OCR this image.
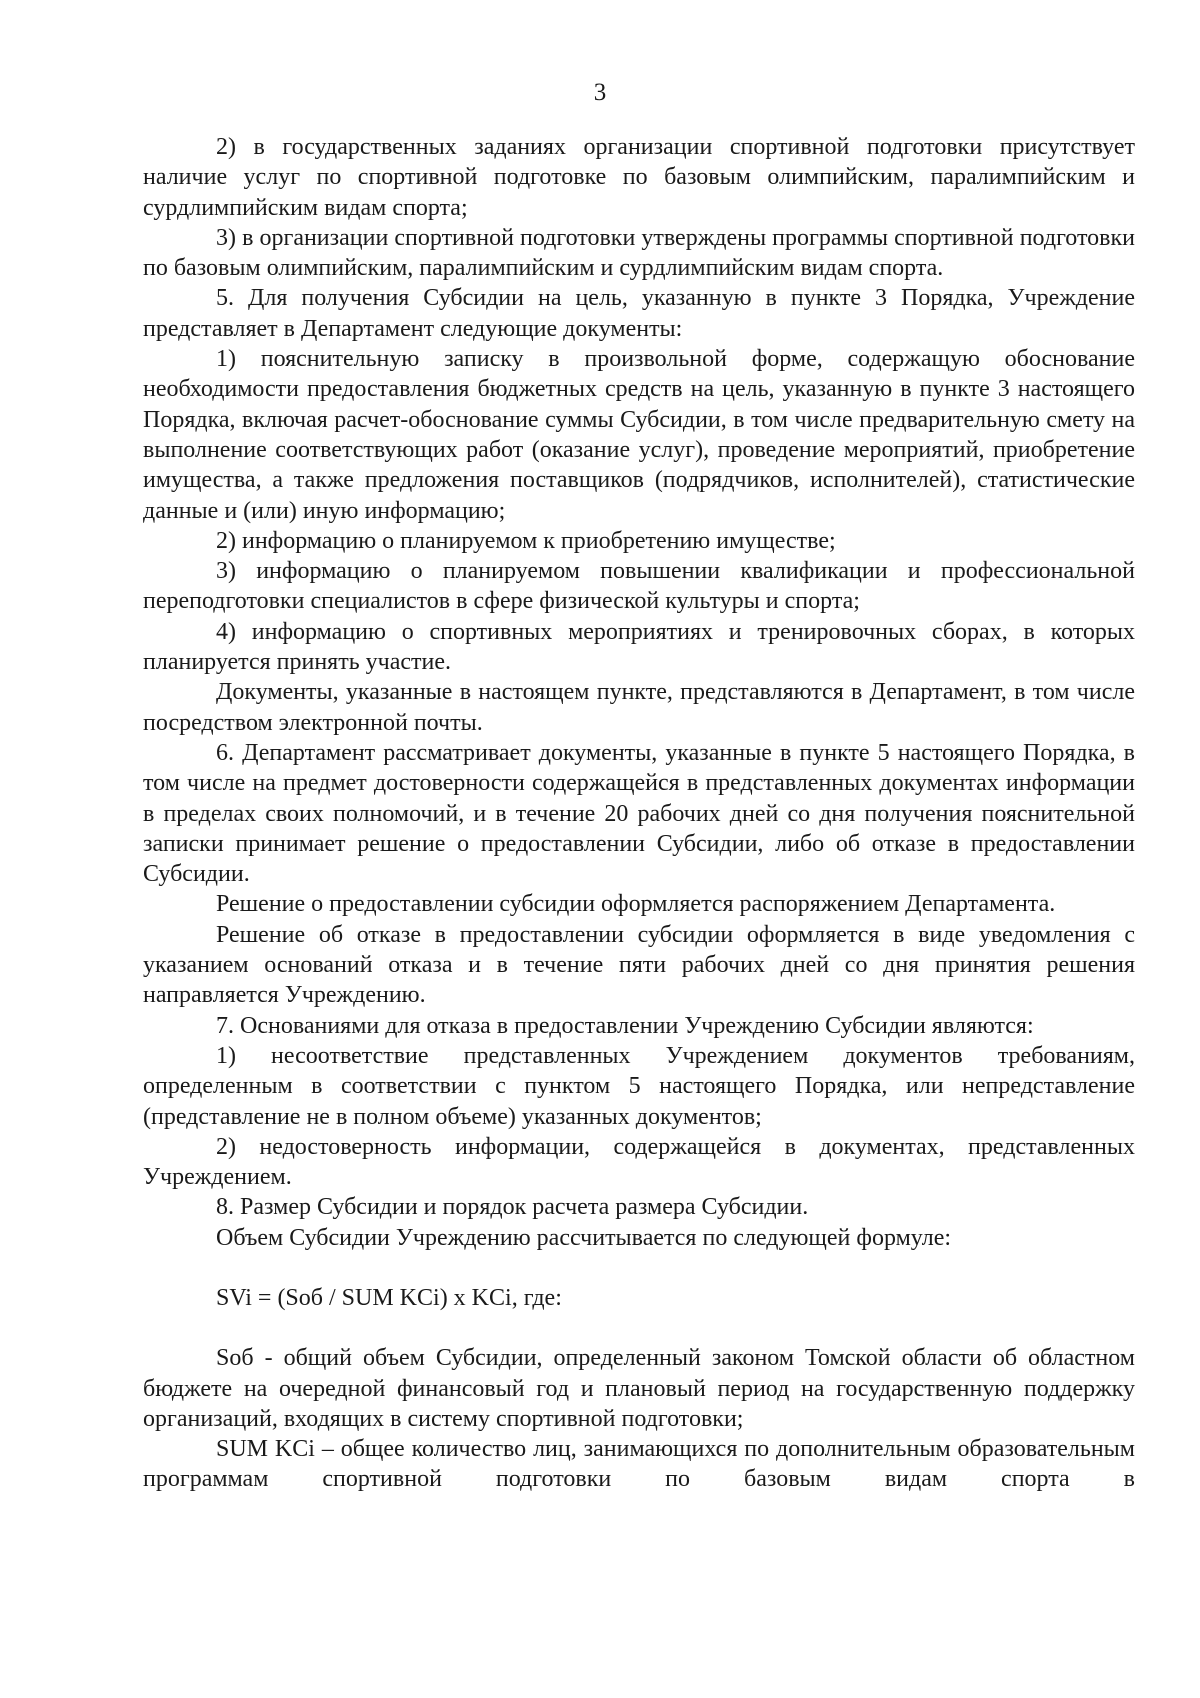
3

2) в государственных заданиях организации спортивной подготовки присутствует наличие услуг по спортивной подготовке по базовым олимпийским, паралимпийским и сурдлимпийским видам спорта;

3) в организации спортивной подготовки утверждены программы спортивной подготовки по базовым олимпийским, паралимпийским и сурдлимпийским видам спорта.

5. Для получения Субсидии на цель, указанную в пункте 3 Порядка, Учреждение представляет в Департамент следующие документы:

1) пояснительную записку в произвольной форме, содержащую обоснование необходимости предоставления бюджетных средств на цель, указанную в пункте 3 настоящего Порядка, включая расчет-обоснование суммы Субсидии, в том числе предварительную смету на выполнение соответствующих работ (оказание услуг), проведение мероприятий, приобретение имущества, а также предложения поставщиков (подрядчиков, исполнителей), статистические данные и (или) иную информацию;

2) информацию о планируемом к приобретению имуществе;

3) информацию о планируемом повышении квалификации и профессиональной переподготовки специалистов в сфере физической культуры и спорта;

4) информацию о спортивных мероприятиях и тренировочных сборах, в которых планируется принять участие.

Документы, указанные в настоящем пункте, представляются в Департамент, в том числе посредством электронной почты.

6. Департамент рассматривает документы, указанные в пункте 5 настоящего Порядка, в том числе на предмет достоверности содержащейся в представленных документах информации в пределах своих полномочий, и в течение 20 рабочих дней со дня получения пояснительной записки принимает решение о предоставлении Субсидии, либо об отказе в предоставлении Субсидии.

Решение о предоставлении субсидии оформляется распоряжением Департамента.

Решение об отказе в предоставлении субсидии оформляется в виде уведомления с указанием оснований отказа и в течение пяти рабочих дней со дня принятия решения направляется Учреждению.

7. Основаниями для отказа в предоставлении Учреждению Субсидии являются:

1) несоответствие представленных Учреждением документов требованиям, определенным в соответствии с пунктом 5 настоящего Порядка, или непредставление (представление не в полном объеме) указанных документов;

2) недостоверность информации, содержащейся в документах, представленных Учреждением.

8. Размер Субсидии и порядок расчета размера Субсидии.

Объем Субсидии Учреждению рассчитывается по следующей формуле:

SVi = (Sоб / SUM KCi) x KCi, где:

Sоб - общий объем Субсидии, определенный законом Томской области об областном бюджете на очередной финансовый год и плановый период на государственную поддержку организаций, входящих в систему спортивной подготовки;

SUM KCi – общее количество лиц, занимающихся по дополнительным образовательным программам спортивной подготовки по базовым видам спорта в
